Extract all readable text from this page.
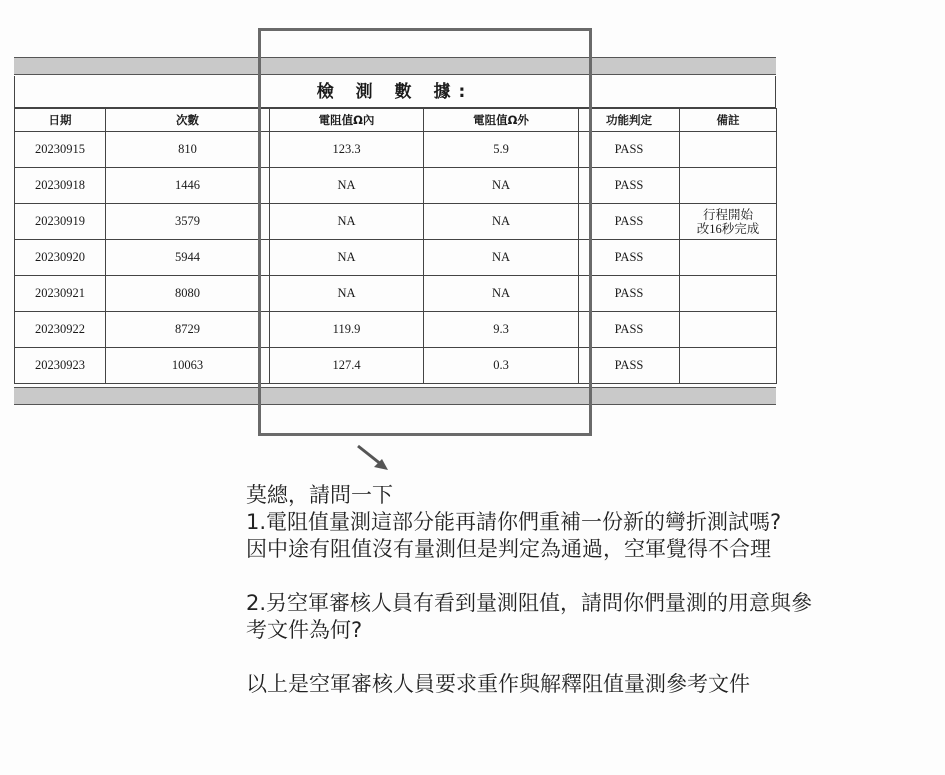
檢 測 數 據:
日期	次數	電阻值Ω內	電阻值Ω外	功能判定	備註
20230915	810	123.3	5.9	PASS	
20230918	1446	NA	NA	PASS	
20230919	3579	NA	NA	PASS	行程開始
改16秒完成
20230920	5944	NA	NA	PASS	
20230921	8080	NA	NA	PASS	
20230922	8729	119.9	9.3	PASS	
20230923	10063	127.4	0.3	PASS	

莫總，請問一下

1.電阻值量測這部分能再請你們重補一份新的彎折測試嗎?

因中途有阻值沒有量測但是判定為通過，空軍覺得不合理

2.另空軍審核人員有看到量測阻值，請問你們量測的用意與參

考文件為何?

以上是空軍審核人員要求重作與解釋阻值量測參考文件
